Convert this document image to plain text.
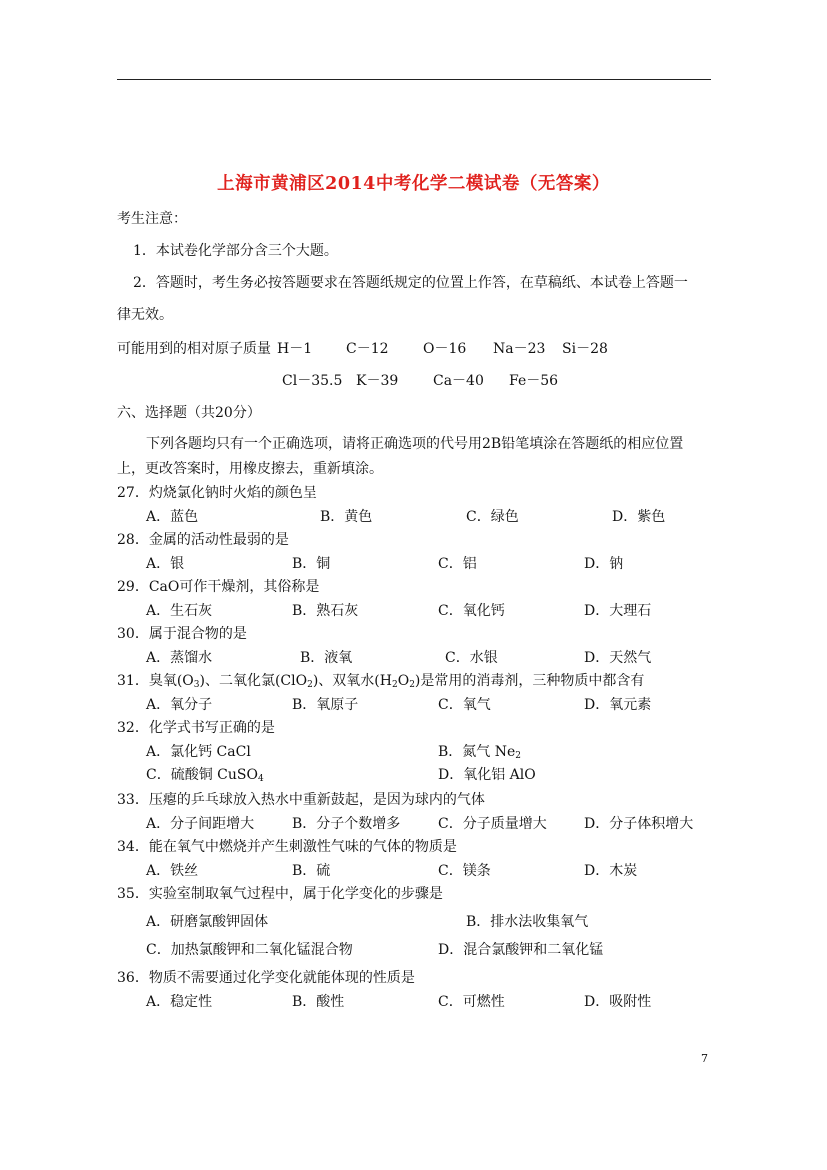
上海市黄浦区2014中考化学二模试卷（无答案）
考生注意：
1．本试卷化学部分含三个大题。
2．答题时，考生务必按答题要求在答题纸规定的位置上作答，在草稿纸、本试卷上答题一
律无效。
可能用到的相对原子质量 H－1 C－12 O－16 Na－23 Si－28
Cl－35.5 K－39 Ca－40 Fe－56
六、选择题（共20分）
下列各题均只有一个正确选项，请将正确选项的代号用2B铅笔填涂在答题纸的相应位置
上，更改答案时，用橡皮擦去，重新填涂。
27．灼烧氯化钠时火焰的颜色呈
A．蓝色	B．黄色	C．绿色	D．紫色
28．金属的活动性最弱的是
A．银	B．铜	C．铝	D．钠
29．CaO可作干燥剂，其俗称是
A．生石灰	B．熟石灰	C．氧化钙	D．大理石
30．属于混合物的是
A．蒸馏水	B．液氧	C．水银	D．天然气
31．臭氧$(O_3)$、二氧化氯(ClO$_2$)、双氧水$(H_2O_2)$是常用的消毒剂，三种物质中都含有
A．氧分子	B．氧原子	C．氧气	D．氧元素
32．化学式书写正确的是
A．氯化钙 CaCl	B．氮气 $Ne_2$
C．硫酸铜 CuSO$_4$	D．氧化铝 AlO
33．压瘪的乒乓球放入热水中重新鼓起，是因为球内的气体
A．分子间距增大	B．分子个数增多	C．分子质量增大	D．分子体积增大
34．能在氧气中燃烧并产生刺激性气味的气体的物质是
A．铁丝	B．硫	C．镁条	D．木炭
35．实验室制取氧气过程中，属于化学变化的步骤是
A．研磨氯酸钾固体	B．排水法收集氧气
C．加热氯酸钾和二氧化锰混合物	D．混合氯酸钾和二氧化锰
36．物质不需要通过化学变化就能体现的性质是
A．稳定性	B．酸性	C．可燃性	D．吸附性
7
